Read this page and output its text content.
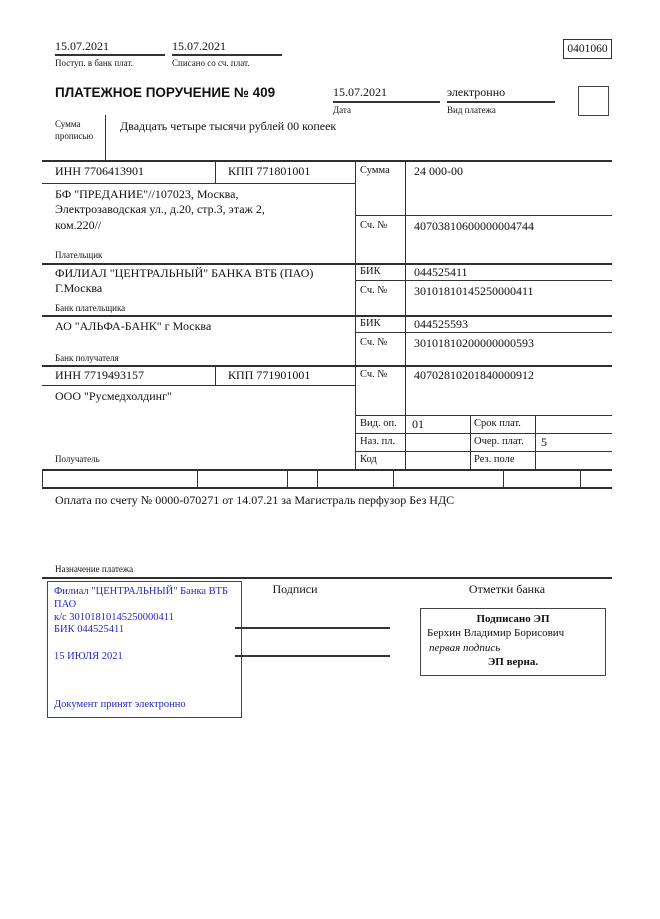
15.07.2021
Поступ. в банк плат.
15.07.2021
Списано со сч. плат.
0401060
ПЛАТЕЖНОЕ ПОРУЧЕНИЕ № 409	15.07.2021
Дата
электронно
Вид платежа
Сумма прописью
Двадцать четыре тысячи рублей 00 копеек
ИНН 7706413901	КПП 771801001
БФ "ПРЕДАНИЕ"//107023, Москва, Электрозаводская ул., д.20, стр.3, этаж 2, ком.220//
Плательщик
Сумма 24 000-00
Сч. № 40703810600000004744
ФИЛИАЛ "ЦЕНТРАЛЬНЫЙ" БАНКА ВТБ (ПАО) Г.Москва
Банк плательщика
БИК	044525411
Сч. № 30101810145250000411
АО "АЛЬФА-БАНК" г Москва
Банк получателя
БИК	044525593
Сч. № 30101810200000000593
ИНН 7719493157	КПП 771901001	Сч. № 40702810201840000912
ООО "Русмедхолдинг"
Получатель
Вид. оп. 01	Срок плат.
Наз. пл.	Очер. плат. 5
Код	Рез. поле
Оплата по счету № 0000-070271 от 14.07.21 за Магистраль перфузор Без НДС
Назначение платежа
Филиал "ЦЕНТРАЛЬНЫЙ" Банка ВТБ ПАО
к/с 30101810145250000411
БИК 044525411
15 ИЮЛЯ 2021
Документ принят электронно
Подписи	Отметки банка
Подписано ЭП
Берхин Владимир Борисович
первая подпись
ЭП верна.
